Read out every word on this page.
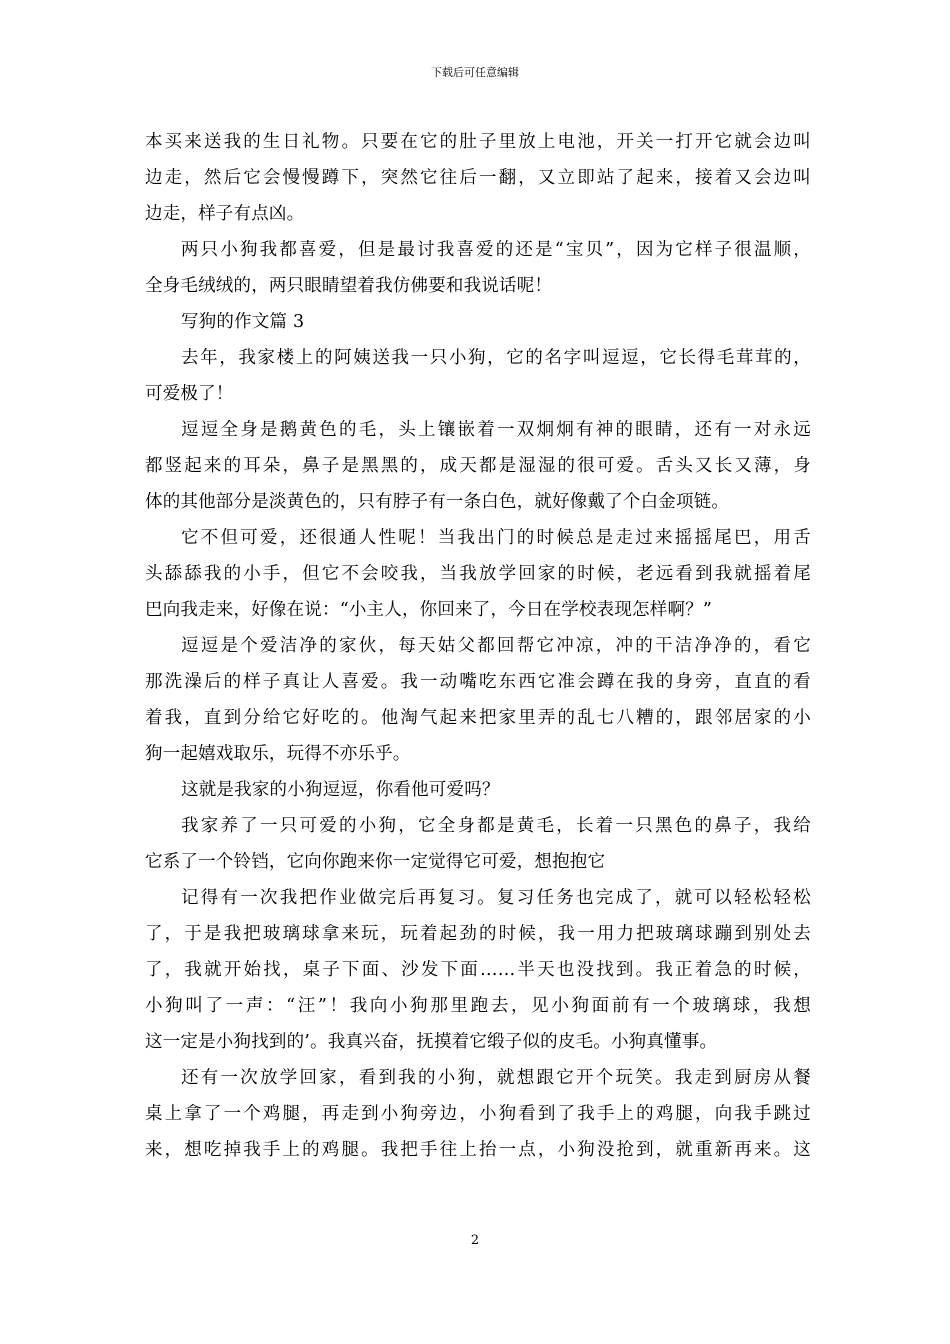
下载后可任意编辑
本买来送我的生日礼物。只要在它的肚子里放上电池，开关一打开它就会边叫
边走，然后它会慢慢蹲下，突然它往后一翻，又立即站了起来，接着又会边叫
边走，样子有点凶。
两只小狗我都喜爱，但是最讨我喜爱的还是“宝贝”，因为它样子很温顺，
全身毛绒绒的，两只眼睛望着我仿佛要和我说话呢！
写狗的作文篇 3
去年，我家楼上的阿姨送我一只小狗，它的名字叫逗逗，它长得毛茸茸的，
可爱极了！
逗逗全身是鹅黄色的毛，头上镶嵌着一双炯炯有神的眼睛，还有一对永远
都竖起来的耳朵，鼻子是黑黑的，成天都是湿湿的很可爱。舌头又长又薄，身
体的其他部分是淡黄色的，只有脖子有一条白色，就好像戴了个白金项链。
它不但可爱，还很通人性呢！当我出门的时候总是走过来摇摇尾巴，用舌
头舔舔我的小手，但它不会咬我，当我放学回家的时候，老远看到我就摇着尾
巴向我走来，好像在说：“小主人，你回来了，今日在学校表现怎样啊？”
逗逗是个爱洁净的家伙，每天姑父都回帮它冲凉，冲的干洁净净的，看它
那洗澡后的样子真让人喜爱。我一动嘴吃东西它准会蹲在我的身旁，直直的看
着我，直到分给它好吃的。他淘气起来把家里弄的乱七八糟的，跟邻居家的小
狗一起嬉戏取乐，玩得不亦乐乎。
这就是我家的小狗逗逗，你看他可爱吗？
我家养了一只可爱的小狗，它全身都是黄毛，长着一只黑色的鼻子，我给
它系了一个铃铛，它向你跑来你一定觉得它可爱，想抱抱它
记得有一次我把作业做完后再复习。复习任务也完成了，就可以轻松轻松
了，于是我把玻璃球拿来玩，玩着起劲的时候，我一用力把玻璃球蹦到别处去
了，我就开始找，桌子下面、沙发下面……半天也没找到。我正着急的时候，
小狗叫了一声：“汪”！我向小狗那里跑去，见小狗面前有一个玻璃球，我想
这一定是小狗找到的’。我真兴奋，抚摸着它缎子似的皮毛。小狗真懂事。
还有一次放学回家，看到我的小狗，就想跟它开个玩笑。我走到厨房从餐
桌上拿了一个鸡腿，再走到小狗旁边，小狗看到了我手上的鸡腿，向我手跳过
来，想吃掉我手上的鸡腿。我把手往上抬一点，小狗没抢到，就重新再来。这
2
